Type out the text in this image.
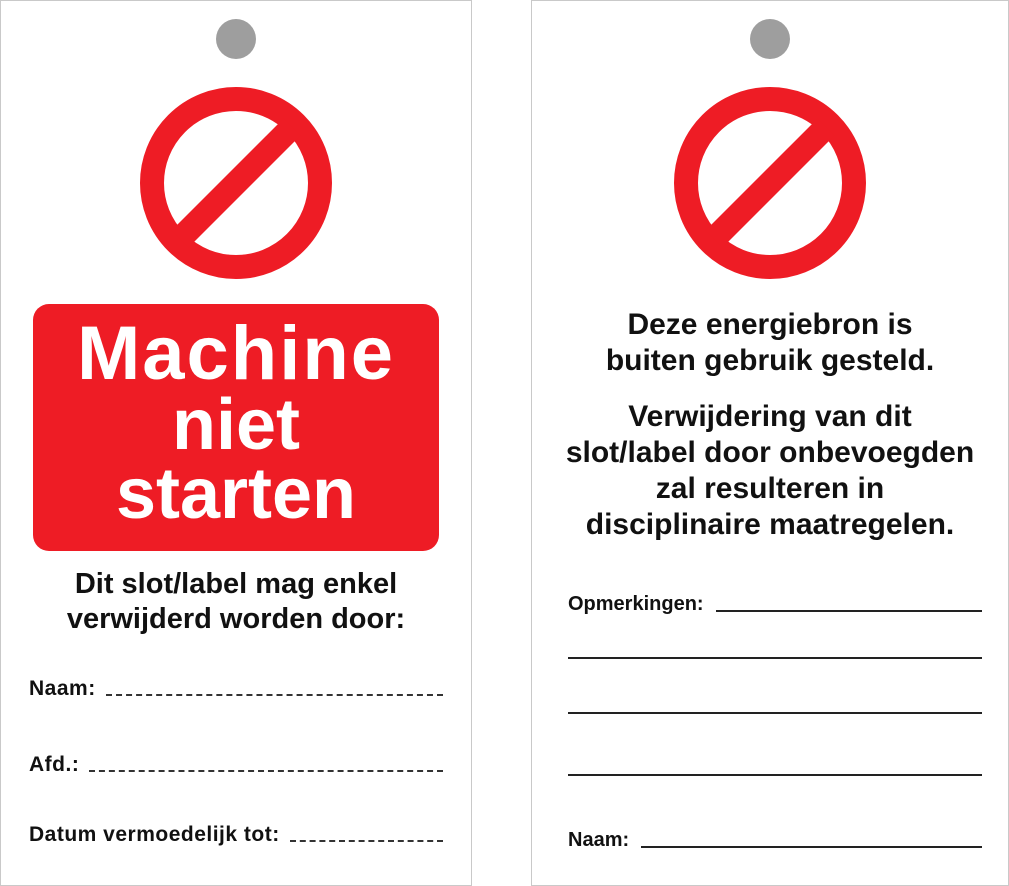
Machine
niet
starten
Dit slot/label mag enkel
verwijderd worden door:
Naam:
Afd.:
Datum vermoedelijk tot:
Deze energiebron is
buiten gebruik gesteld.
Verwijdering van dit
slot/label door onbevoegden
zal resulteren in
disciplinaire maatregelen.
Opmerkingen:
Naam:
